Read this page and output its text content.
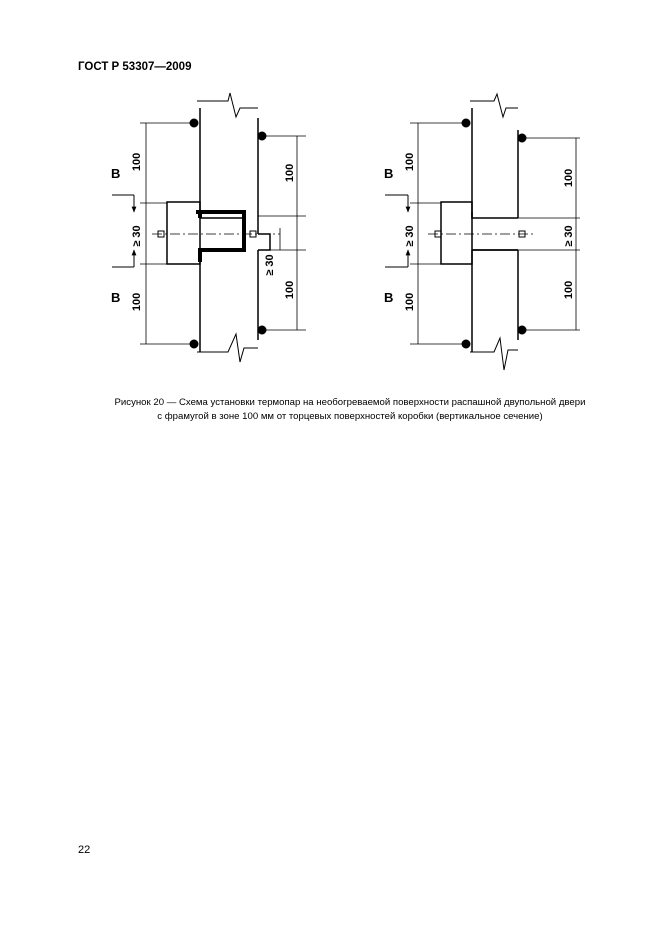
ГОСТ Р 53307—2009
100
100
≥ 30
≥ 30
100
100
B
B
100
100
≥ 30	≥ 30
100
100
B
B
Рисунок 20 — Схема установки термопар на необогреваемой поверхности распашной двупольной двери
с фрамугой в зоне 100 мм от торцевых поверхностей коробки (вертикальное сечение)
22
